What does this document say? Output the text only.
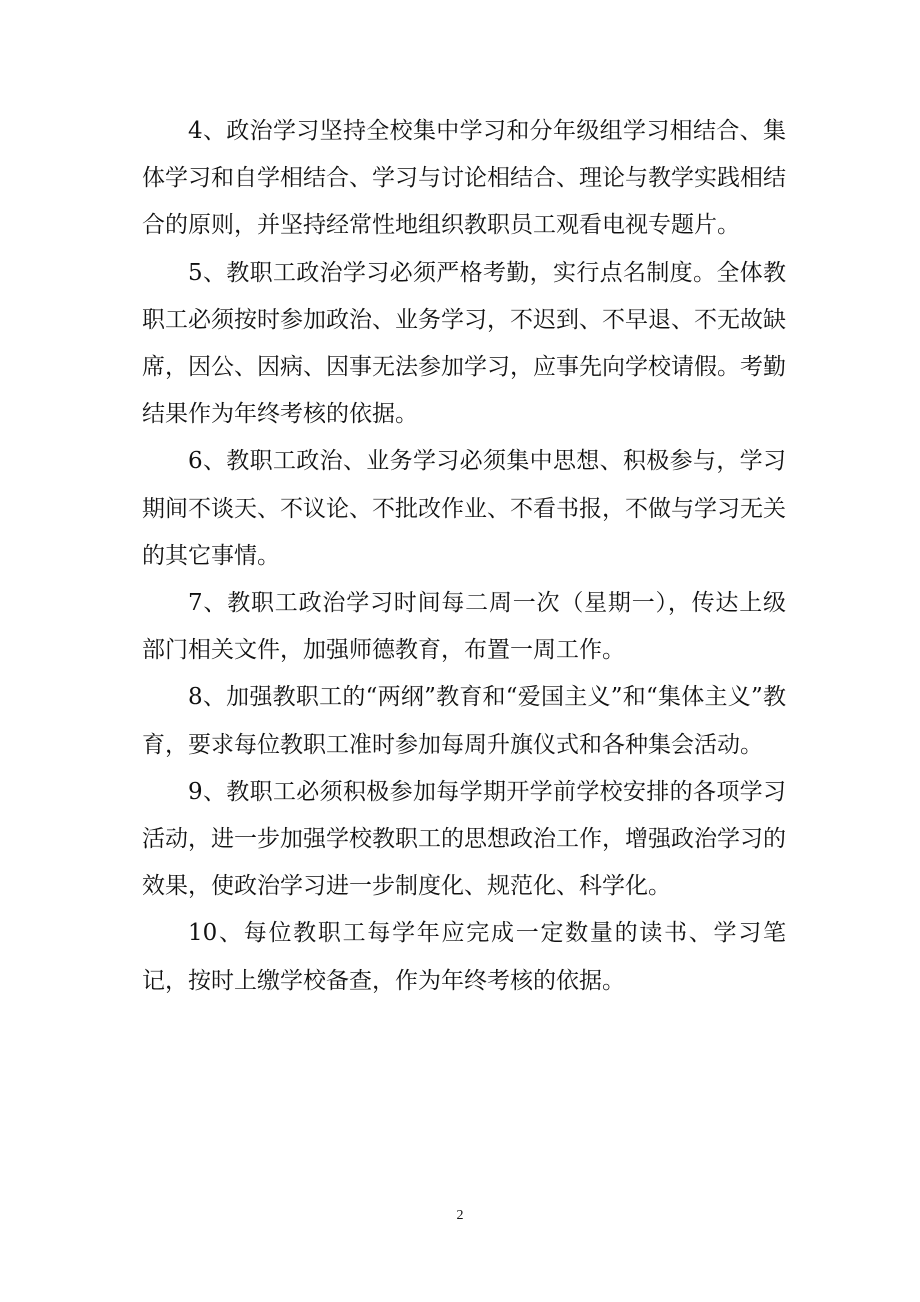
4、政治学习坚持全校集中学习和分年级组学习相结合、集体学习和自学相结合、学习与讨论相结合、理论与教学实践相结合的原则，并坚持经常性地组织教职员工观看电视专题片。

5、教职工政治学习必须严格考勤，实行点名制度。全体教职工必须按时参加政治、业务学习，不迟到、不早退、不无故缺席，因公、因病、因事无法参加学习，应事先向学校请假。考勤结果作为年终考核的依据。

6、教职工政治、业务学习必须集中思想、积极参与，学习期间不谈天、不议论、不批改作业、不看书报，不做与学习无关的其它事情。

7、教职工政治学习时间每二周一次（星期一），传达上级部门相关文件，加强师德教育，布置一周工作。

8、加强教职工的“两纲”教育和“爱国主义”和“集体主义”教育，要求每位教职工准时参加每周升旗仪式和各种集会活动。

9、教职工必须积极参加每学期开学前学校安排的各项学习活动，进一步加强学校教职工的思想政治工作，增强政治学习的效果，使政治学习进一步制度化、规范化、科学化。

10、每位教职工每学年应完成一定数量的读书、学习笔记，按时上缴学校备查，作为年终考核的依据。

2
